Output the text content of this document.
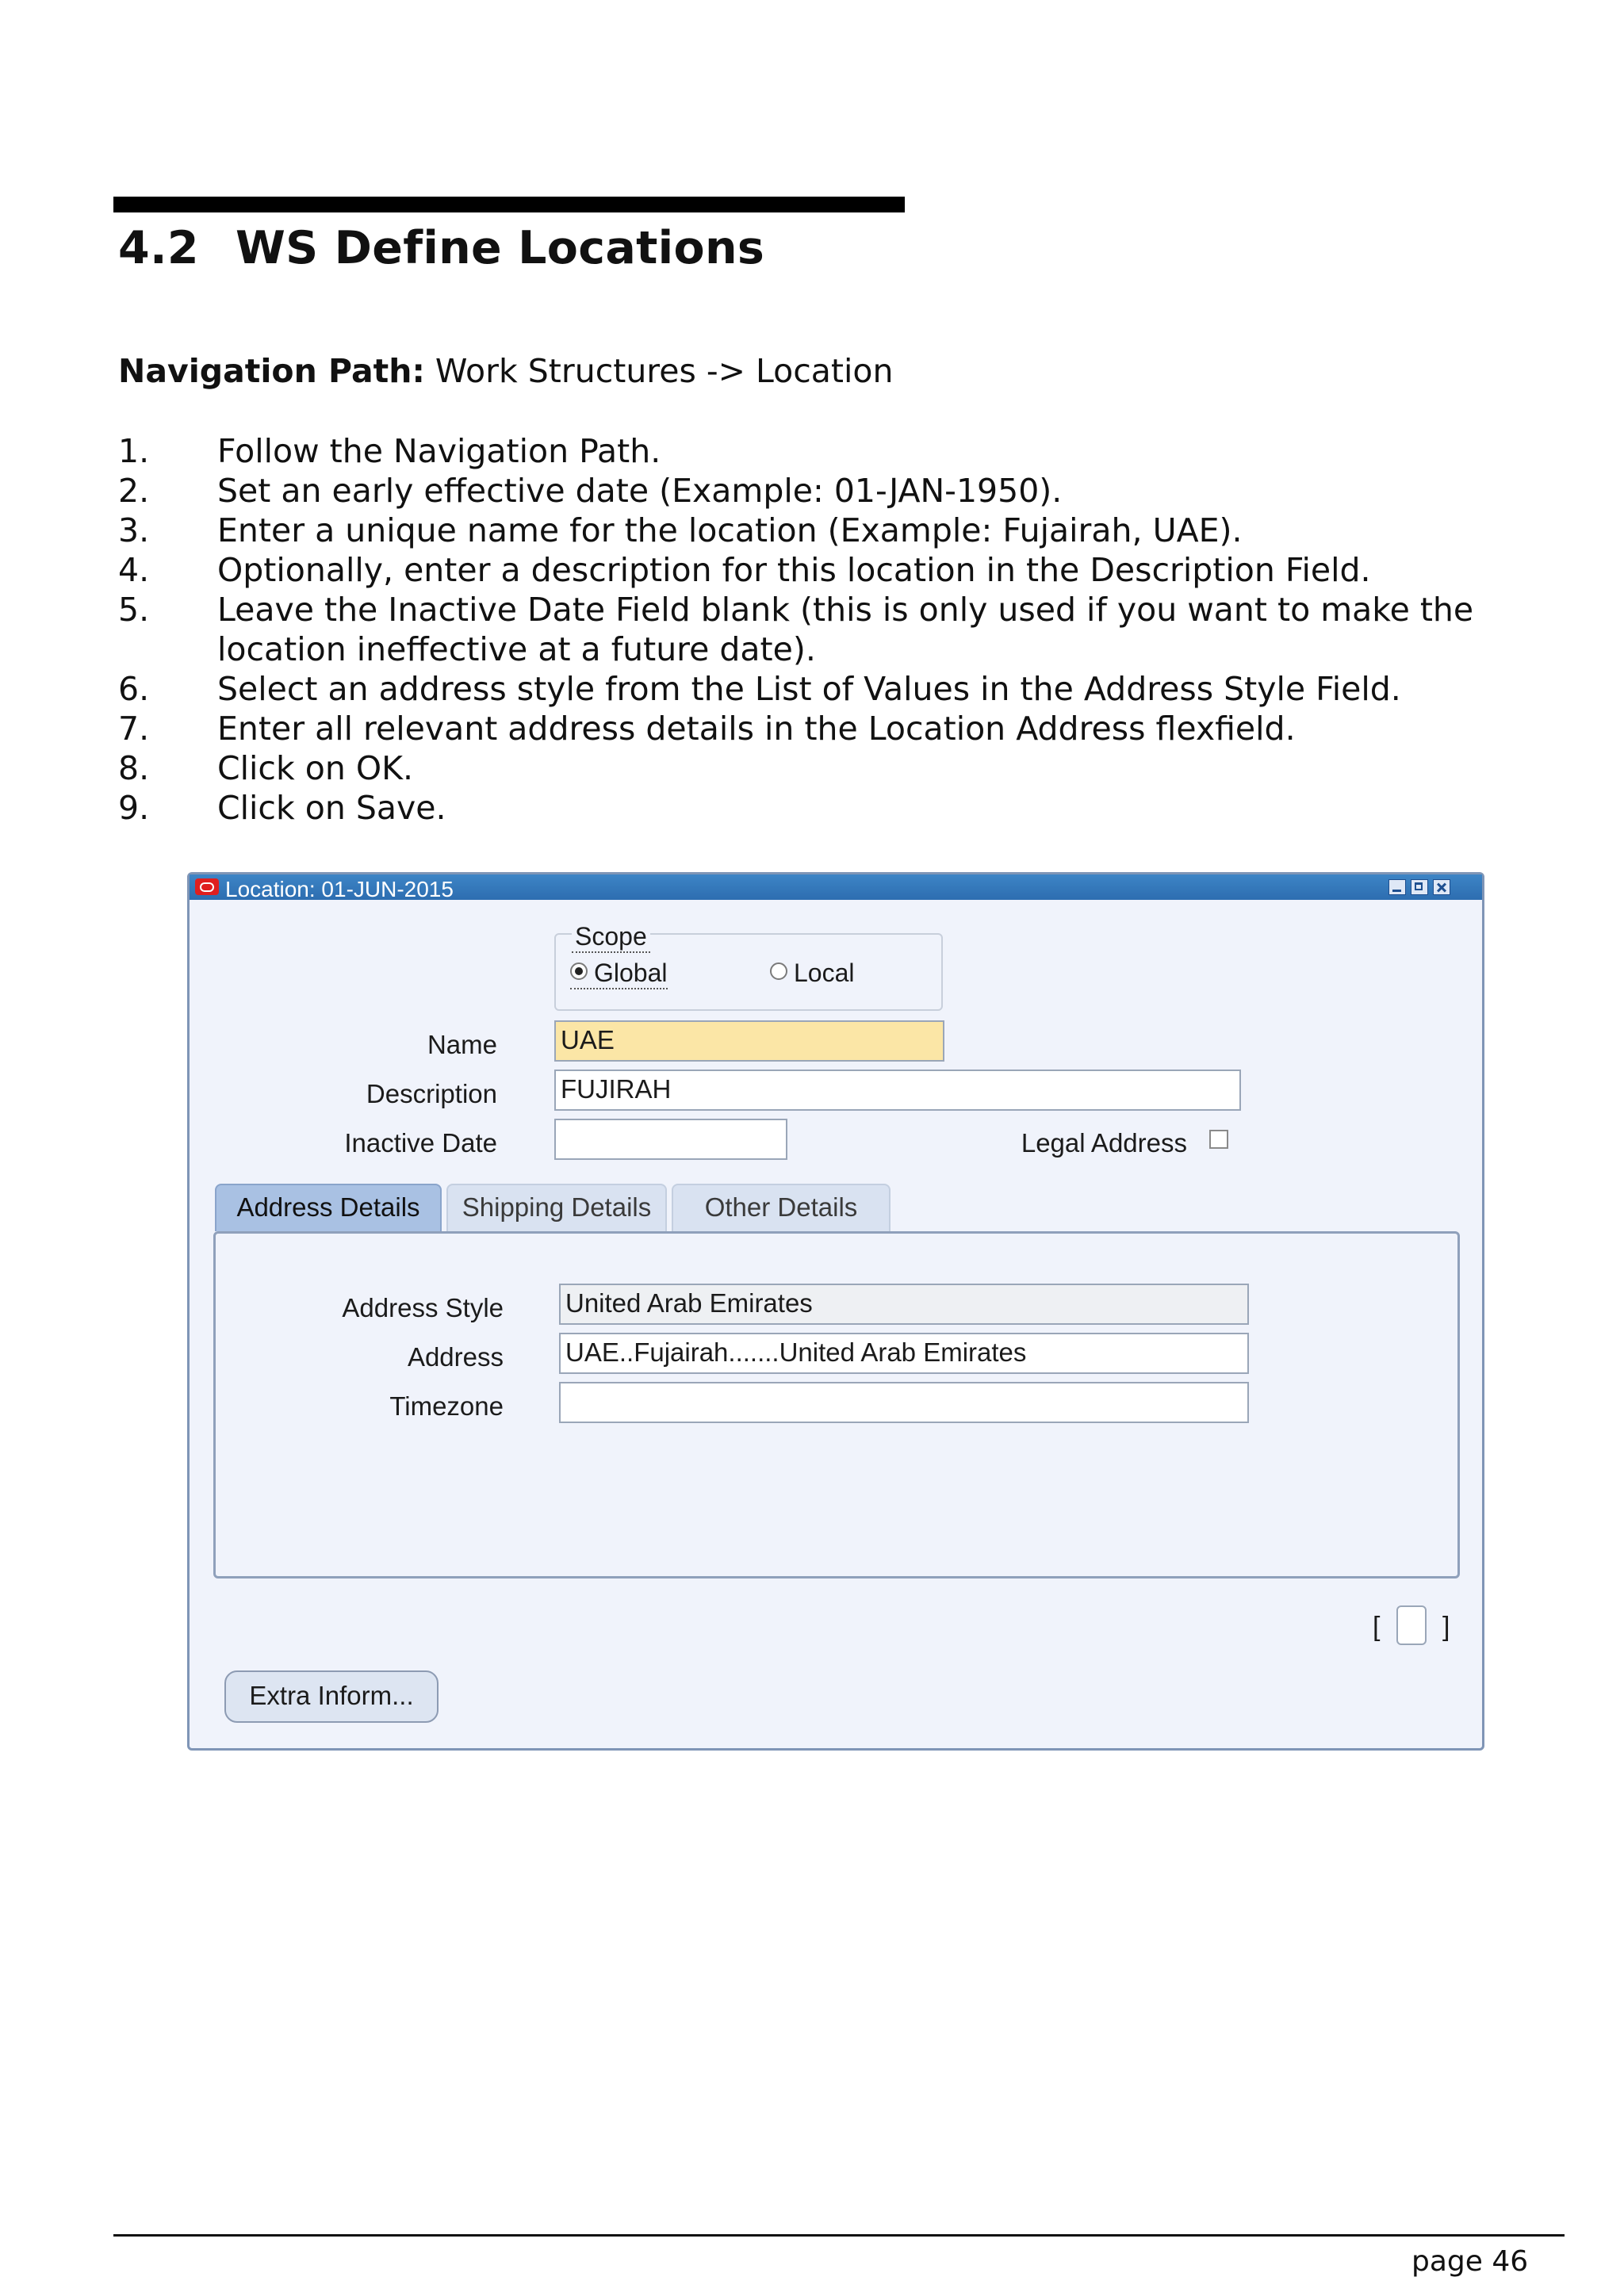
4.2 WS Define Locations
Navigation Path: Work Structures -> Location
1. Follow the Navigation Path.
2. Set an early effective date (Example: 01-JAN-1950).
3. Enter a unique name for the location (Example: Fujairah, UAE).
4. Optionally, enter a description for this location in the Description Field.
5. Leave the Inactive Date Field blank (this is only used if you want to make the location ineffective at a future date).
6. Select an address style from the List of Values in the Address Style Field.
7. Enter all relevant address details in the Location Address flexfield.
8. Click on OK.
9. Click on Save.
Location: 01-JUN-2015
Scope
Global	Local
Name UAE
Description FUJIRAH
Inactive Date	Legal Address
Address Details	Shipping Details	Other Details
Address Style United Arab Emirates
Address UAE..Fujairah.......United Arab Emirates
Timezone
[ ]
Extra Inform...
page 46
